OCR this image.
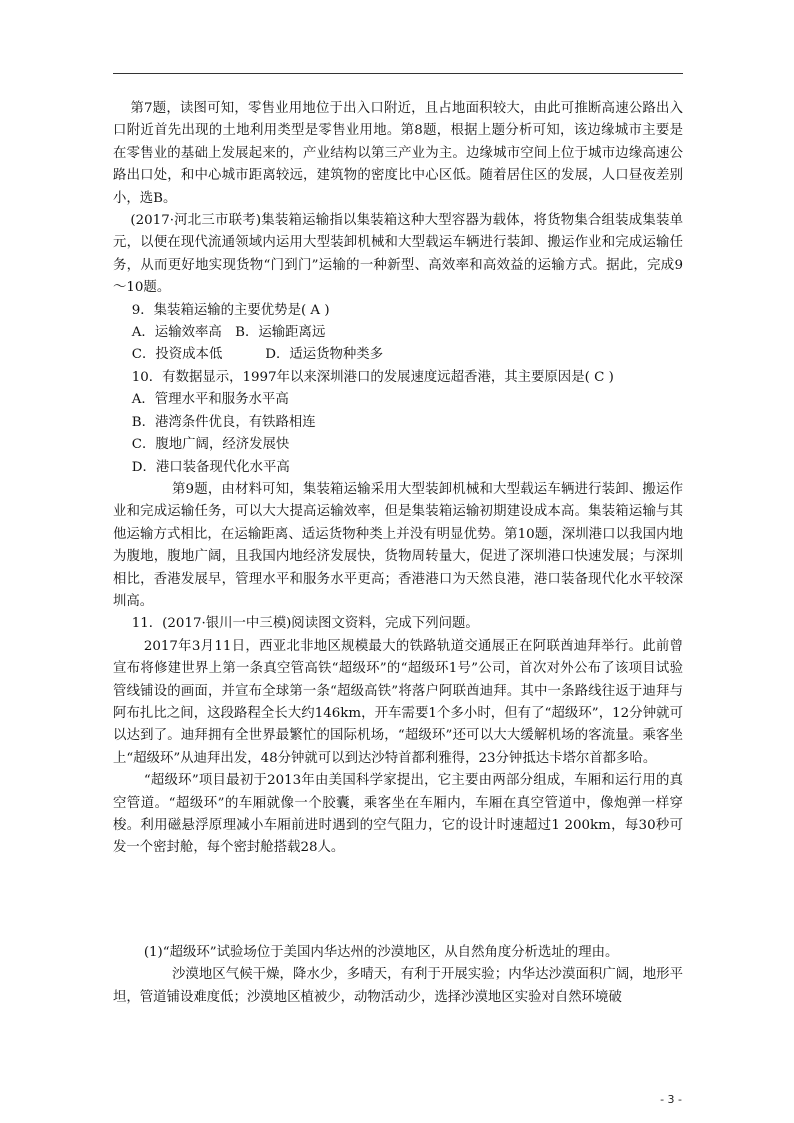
第7题，读图可知，零售业用地位于出入口附近，且占地面积较大，由此可推断高速公路出入口附近首先出现的土地利用类型是零售业用地。第8题，根据上题分析可知，该边缘城市主要是在零售业的基础上发展起来的，产业结构以第三产业为主。边缘城市空间上位于城市边缘高速公路出口处，和中心城市距离较远，建筑物的密度比中心区低。随着居住区的发展，人口昼夜差别小，选B。

(2017·河北三市联考)集装箱运输指以集装箱这种大型容器为载体，将货物集合组装成集装单元，以便在现代流通领域内运用大型装卸机械和大型载运车辆进行装卸、搬运作业和完成运输任务，从而更好地实现货物“门到门”运输的一种新型、高效率和高效益的运输方式。据此，完成9～10题。

9．集装箱运输的主要优势是( A )

A．运输效率高 B．运输距离远

C．投资成本低	D．适运货物种类多

10．有数据显示，1997年以来深圳港口的发展速度远超香港，其主要原因是( C )

A．管理水平和服务水平高

B．港湾条件优良，有铁路相连

C．腹地广阔，经济发展快

D．港口装备现代化水平高

第9题，由材料可知，集装箱运输采用大型装卸机械和大型载运车辆进行装卸、搬运作业和完成运输任务，可以大大提高运输效率，但是集装箱运输初期建设成本高。集装箱运输与其他运输方式相比，在运输距离、适运货物种类上并没有明显优势。第10题，深圳港口以我国内地为腹地，腹地广阔，且我国内地经济发展快，货物周转量大，促进了深圳港口快速发展；与深圳相比，香港发展早，管理水平和服务水平更高；香港港口为天然良港，港口装备现代化水平较深圳高。

11．(2017·银川一中三模)阅读图文资料，完成下列问题。

2017年3月11日，西亚北非地区规模最大的铁路轨道交通展正在阿联酋迪拜举行。此前曾宣布将修建世界上第一条真空管高铁“超级环”的“超级环1号”公司，首次对外公布了该项目试验管线铺设的画面，并宣布全球第一条“超级高铁”将落户阿联酋迪拜。其中一条路线往返于迪拜与阿布扎比之间，这段路程全长大约146km，开车需要1个多小时，但有了“超级环”，12分钟就可以达到了。迪拜拥有全世界最繁忙的国际机场，“超级环”还可以大大缓解机场的客流量。乘客坐上“超级环”从迪拜出发，48分钟就可以到达沙特首都利雅得，23分钟抵达卡塔尔首都多哈。

“超级环”项目最初于2013年由美国科学家提出，它主要由两部分组成，车厢和运行用的真空管道。“超级环”的车厢就像一个胶囊，乘客坐在车厢内，车厢在真空管道中，像炮弹一样穿梭。利用磁悬浮原理减小车厢前进时遇到的空气阻力，它的设计时速超过1 200km，每30秒可发一个密封舱，每个密封舱搭载28人。

(1)“超级环”试验场位于美国内华达州的沙漠地区，从自然角度分析选址的理由。

沙漠地区气候干燥，降水少，多晴天，有利于开展实验；内华达沙漠面积广阔，地形平坦，管道铺设难度低；沙漠地区植被少，动物活动少，选择沙漠地区实验对自然环境破

- 3 -
